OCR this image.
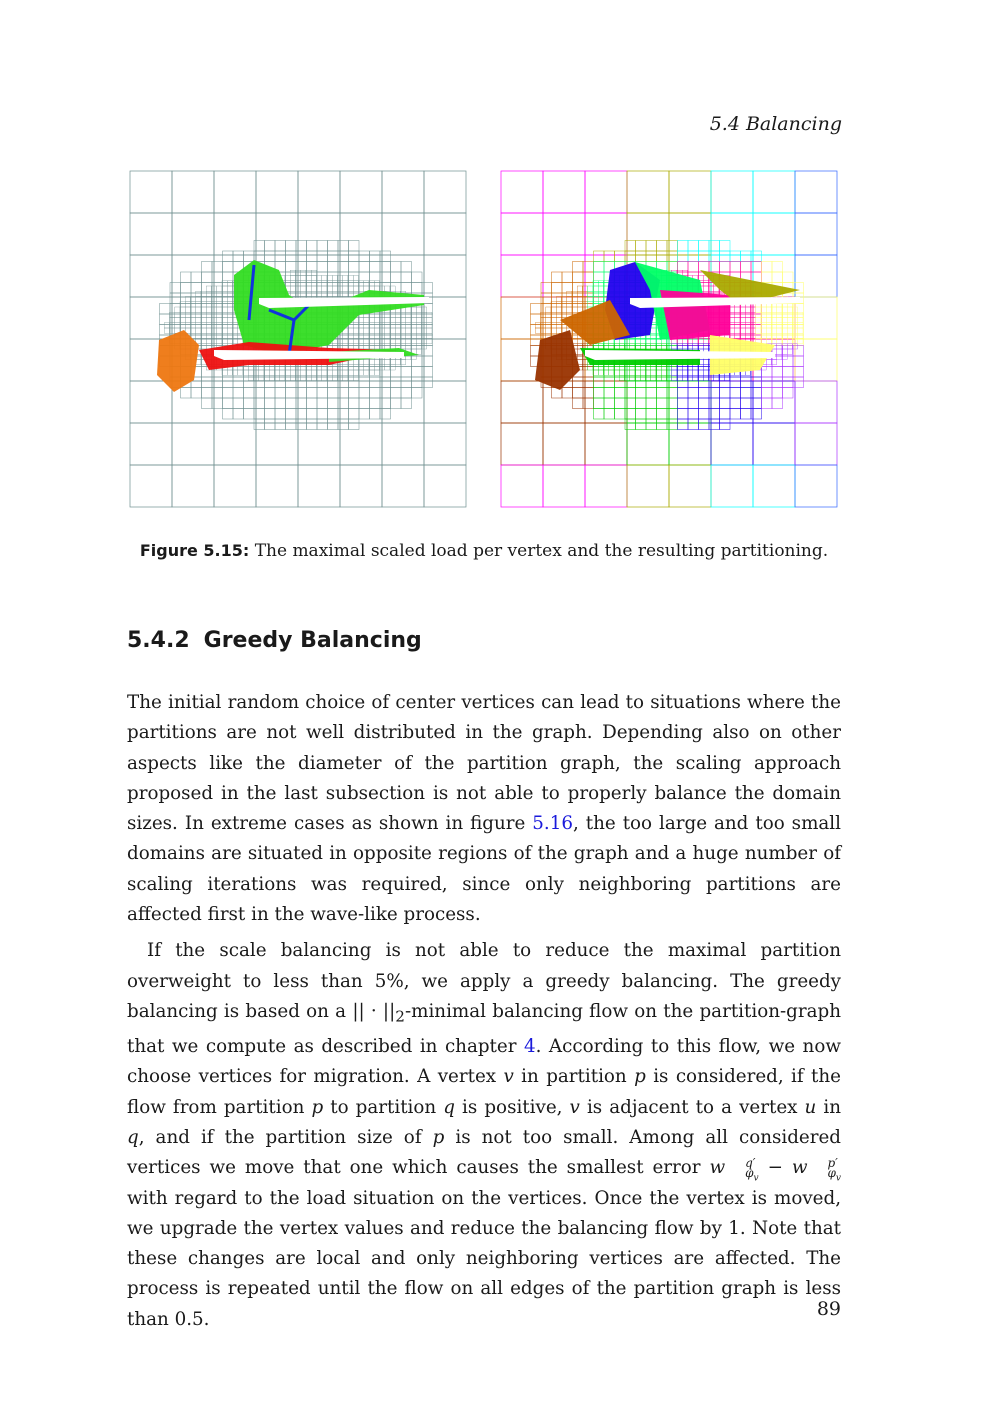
5.4 Balancing
Figure 5.15: The maximal scaled load per vertex and the resulting partitioning.
5.4.2 Greedy Balancing

The initial random choice of center vertices can lead to situations where the partitions are not well distributed in the graph. Depending also on other aspects like the diameter of the partition graph, the scaling approach proposed in the last subsection is not able to properly balance the domain sizes. In extreme cases as shown in figure 5.16, the too large and too small domains are situated in opposite regions of the graph and a huge number of scaling iterations was required, since only neighboring partitions are affected first in the wave-like process.

If the scale balancing is not able to reduce the maximal partition overweight to less than 5%, we apply a greedy balancing. The greedy balancing is based on a || · $||_2$-minimal balancing flow on the partition-graph that we compute as described in chapter 4. According to this flow, we now choose vertices for migration. A vertex v in partition p is considered, if the flow from partition p to partition q is positive, v is adjacent to a vertex u in q, and if the partition size of p is not too small. Among all considered vertices we move that one which causes the smallest error w	q′
$\varphi_v$
− w	p′
$\varphi_v$
with regard to the load situation on the vertices. Once the vertex is moved, we upgrade the vertex values and reduce the balancing flow by 1. Note that these changes are local and only neighboring vertices are affected. The process is repeated until the flow on all edges of the partition graph is less than 0.5.	89
